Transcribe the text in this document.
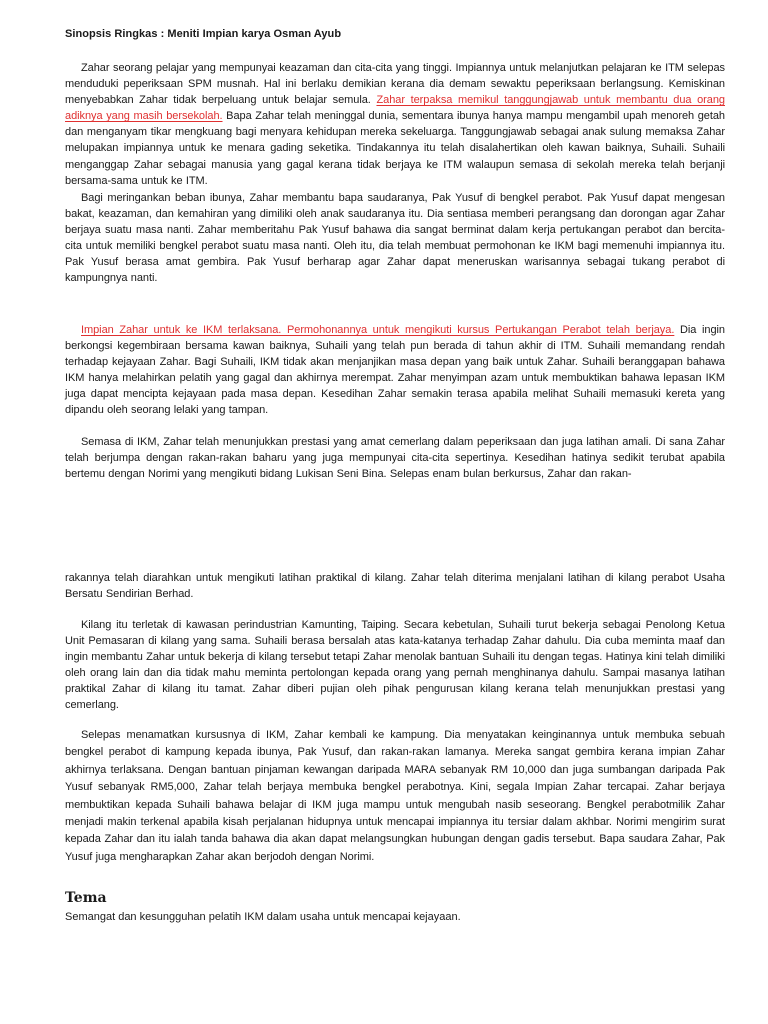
Sinopsis Ringkas : Meniti Impian karya Osman Ayub
Zahar seorang pelajar yang mempunyai keazaman dan cita-cita yang tinggi. Impiannya untuk melanjutkan pelajaran ke ITM selepas menduduki peperiksaan SPM musnah. Hal ini berlaku demikian kerana dia demam sewaktu peperiksaan berlangsung. Kemiskinan menyebabkan Zahar tidak berpeluang untuk belajar semula. Zahar terpaksa memikul tanggungjawab untuk membantu dua orang adiknya yang masih bersekolah. Bapa Zahar telah meninggal dunia, sementara ibunya hanya mampu mengambil upah menoreh getah dan menganyam tikar mengkuang bagi menyara kehidupan mereka sekeluarga. Tanggungjawab sebagai anak sulung memaksa Zahar melupakan impiannya untuk ke menara gading seketika. Tindakannya itu telah disalahertikan oleh kawan baiknya, Suhaili. Suhaili menganggap Zahar sebagai manusia yang gagal kerana tidak berjaya ke ITM walaupun semasa di sekolah mereka telah berjanji bersama-sama untuk ke ITM.
Bagi meringankan beban ibunya, Zahar membantu bapa saudaranya, Pak Yusuf di bengkel perabot. Pak Yusuf dapat mengesan bakat, keazaman, dan kemahiran yang dimiliki oleh anak saudaranya itu. Dia sentiasa memberi perangsang dan dorongan agar Zahar berjaya suatu masa nanti. Zahar memberitahu Pak Yusuf bahawa dia sangat berminat dalam kerja pertukangan perabot dan bercita-cita untuk memiliki bengkel perabot suatu masa nanti. Oleh itu, dia telah membuat permohonan ke IKM bagi memenuhi impiannya itu. Pak Yusuf berasa amat gembira. Pak Yusuf berharap agar Zahar dapat meneruskan warisannya sebagai tukang perabot di kampungnya nanti.
Impian Zahar untuk ke IKM terlaksana. Permohonannya untuk mengikuti kursus Pertukangan Perabot telah berjaya. Dia ingin berkongsi kegembiraan bersama kawan baiknya, Suhaili yang telah pun berada di tahun akhir di ITM. Suhaili memandang rendah terhadap kejayaan Zahar. Bagi Suhaili, IKM tidak akan menjanjikan masa depan yang baik untuk Zahar. Suhaili beranggapan bahawa IKM hanya melahirkan pelatih yang gagal dan akhirnya merempat. Zahar menyimpan azam untuk membuktikan bahawa lepasan IKM juga dapat mencipta kejayaan pada masa depan. Kesedihan Zahar semakin terasa apabila melihat Suhaili memasuki kereta yang dipandu oleh seorang lelaki yang tampan.
Semasa di IKM, Zahar telah menunjukkan prestasi yang amat cemerlang dalam peperiksaan dan juga latihan amali. Di sana Zahar telah berjumpa dengan rakan-rakan baharu yang juga mempunyai cita-cita sepertinya. Kesedihan hatinya sedikit terubat apabila bertemu dengan Norimi yang mengikuti bidang Lukisan Seni Bina. Selepas enam bulan berkursus, Zahar dan rakan-
rakannya telah diarahkan untuk mengikuti latihan praktikal di kilang. Zahar telah diterima menjalani latihan di kilang perabot Usaha Bersatu Sendirian Berhad.
Kilang itu terletak di kawasan perindustrian Kamunting, Taiping. Secara kebetulan, Suhaili turut bekerja sebagai Penolong Ketua Unit Pemasaran di kilang yang sama. Suhaili berasa bersalah atas kata-katanya terhadap Zahar dahulu. Dia cuba meminta maaf dan ingin membantu Zahar untuk bekerja di kilang tersebut tetapi Zahar menolak bantuan Suhaili itu dengan tegas. Hatinya kini telah dimiliki oleh orang lain dan dia tidak mahu meminta pertolongan kepada orang yang pernah menghinanya dahulu. Sampai masanya latihan praktikal Zahar di kilang itu tamat. Zahar diberi pujian oleh pihak pengurusan kilang kerana telah menunjukkan prestasi yang cemerlang.
Selepas menamatkan kursusnya di IKM, Zahar kembali ke kampung. Dia menyatakan keinginannya untuk membuka sebuah bengkel perabot di kampung kepada ibunya, Pak Yusuf, dan rakan-rakan lamanya. Mereka sangat gembira kerana impian Zahar akhirnya terlaksana. Dengan bantuan pinjaman kewangan daripada MARA sebanyak RM 10,000 dan juga sumbangan daripada Pak Yusuf sebanyak RM5,000, Zahar telah berjaya membuka bengkel perabotnya. Kini, segala Impian Zahar tercapai. Zahar berjaya membuktikan kepada Suhaili bahawa belajar di IKM juga mampu untuk mengubah nasib seseorang. Bengkel perabotmilik Zahar menjadi makin terkenal apabila kisah perjalanan hidupnya untuk mencapai impiannya itu tersiar dalam akhbar. Norimi mengirim surat kepada Zahar dan itu ialah tanda bahawa dia akan dapat melangsungkan hubungan dengan gadis tersebut. Bapa saudara Zahar, Pak Yusuf juga mengharapkan Zahar akan berjodoh dengan Norimi.
Tema
Semangat dan kesungguhan pelatih IKM dalam usaha untuk mencapai kejayaan.
